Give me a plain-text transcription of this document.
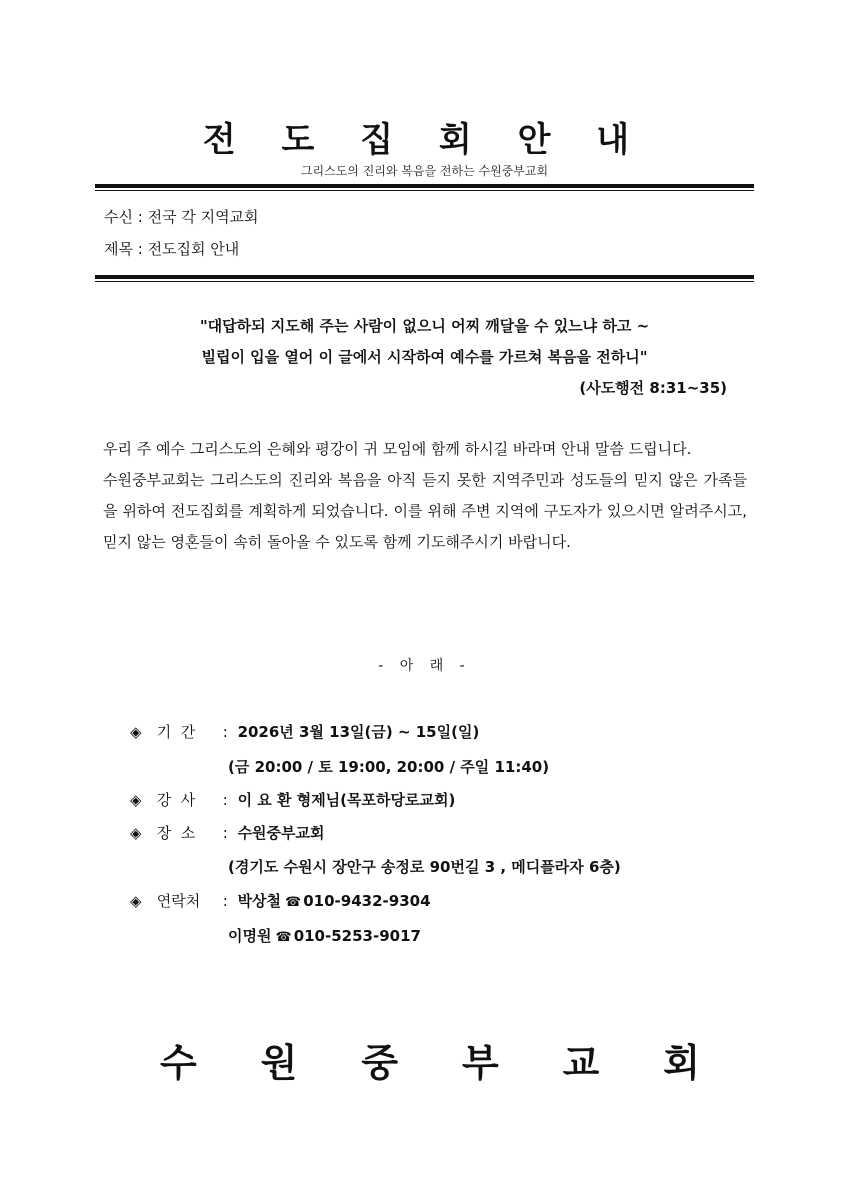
전 도 집 회 안 내
그리스도의 진리와 복음을 전하는 수원중부교회
수신 : 전국 각 지역교회
제목 : 전도집회 안내
"대답하되 지도해 주는 사람이 없으니 어찌 깨달을 수 있느냐 하고 ~
빌립이 입을 열어 이 글에서 시작하여 예수를 가르쳐 복음을 전하니"
(사도행전 8:31~35)

우리 주 예수 그리스도의 은혜와 평강이 귀 모임에 함께 하시길 바라며 안내 말씀 드립니다.

수원중부교회는 그리스도의 진리와 복음을 아직 듣지 못한 지역주민과 성도들의 믿지 않은 가족들을 위하여 전도집회를 계획하게 되었습니다. 이를 위해 주변 지역에 구도자가 있으시면 알려주시고, 믿지 않는 영혼들이 속히 돌아올 수 있도록 함께 기도해주시기 바랍니다.

- 아 래 -
◈ 기  간 : 2026년 3월 13일(금) ~ 15일(일)
(금 20:00 / 토 19:00, 20:00 / 주일 11:40)
◈ 강  사 : 이 요 환 형제님(목포하당로교회)
◈ 장  소 : 수원중부교회
(경기도 수원시 장안구 송정로 90번길 3 , 메디플라자 6층)
◈ 연락처 : 박상철 ☎ 010-9432-9304
이명원 ☎ 010-5253-9017
수 원 중 부 교 회
